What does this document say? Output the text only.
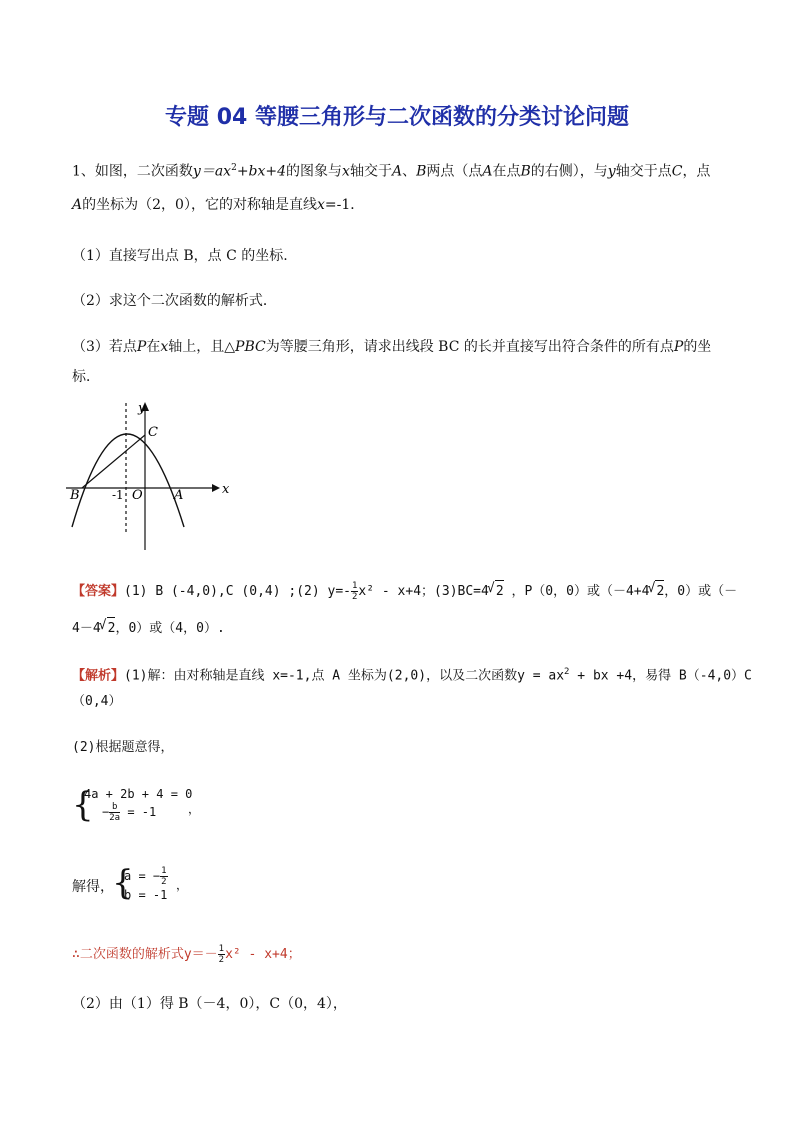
专题 04 等腰三角形与二次函数的分类讨论问题
1、如图，二次函数$y=ax^2+bx+4$的图象与x轴交于A、B两点（点A在点B的右侧），与y轴交于点C，点
A的坐标为（2，0），它的对称轴是直线x=-1．
（1）直接写出点 B，点 C 的坐标.
（2）求这个二次函数的解析式．
（3）若点P在x轴上，且△PBC为等腰三角形，请求出线段 BC 的长并直接写出符合条件的所有点P的坐
标．
y
x
C
B	-1 O A
【答案】(1) B (-4,0),C (0,4) ;(2) $y=- \frac{1}{2} x^2 - x+4$；(3)BC=4 √ 2 ，P（0，0）或（－4+4 √ 2，0）或（－
4－4 √ 2，0）或（4，0）.
【解析】(1)解：由对称轴是直线 x=-1,点 A 坐标为(2,0)，以及二次函数$y = ax^2$ + bx +4，易得 B（-4,0）C
（0,4）
(2)根据题意得，
{
4a + 2b + 4 = 0
− $\frac{b}{2a} = -1$	，
解得，
{
a = − $\frac{1}{2}$
b = -1
，
∴二次函数的解析式$y=- \frac{1}{2} x^2 - x+4$；
（2）由（1）得 B（－4，0），C（0，4），
